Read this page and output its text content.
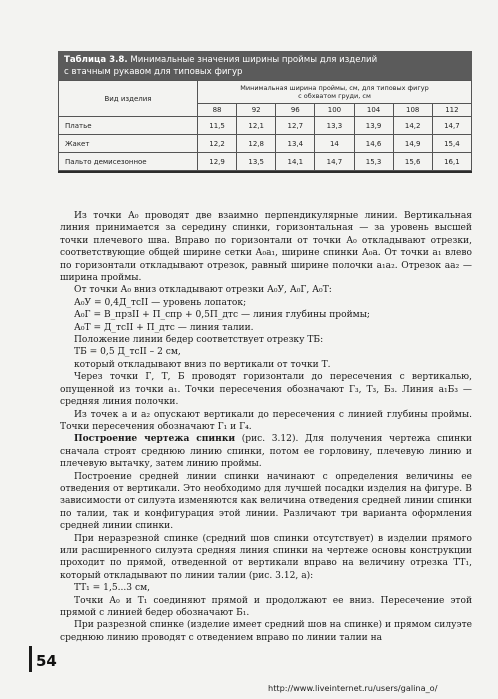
Таблица 3.8. Минимальные значения ширины проймы для изделий
с втачным рукавом для типовых фигур
Вид изделия	Минимальная ширина проймы, см, для типовых фигур
с обхватом груди, см						

	88	92	96	100	104	108	112
Платье	11,5	12,1	12,7	13,3	13,9	14,2	14,7
Жакет	12,2	12,8	13,4	14	14,6	14,9	15,4
Пальто демисезонное	12,9	13,5	14,1	14,7	15,3	15,6	16,1

Из точки А₀ проводят две взаимно перпендикулярные линии. Вертикальная линия принимается за середину спинки, горизонтальная — за уровень высшей точки плечевого шва. Вправо по горизонтали от точки А₀ откладывают отрезки, соответствующие общей ширине сетки А₀а₁, ширине спинки А₀а. От точки а₁ влево по горизонтали откладывают отрезок, равный ширине полочки а₁а₂. Отрезок аа₂ — ширина проймы.

От точки А₀ вниз откладывают отрезки А₀У, А₀Г, А₀Т:

А₀У = 0,4Д_тсII — уровень лопаток;

А₀Г = В_прзII + П_спр + 0,5П_дтс — линия глубины проймы;

А₀Т = Д_тсII + П_дтс — линия талии.

Положение линии бедер соответствует отрезку ТБ:

ТБ = 0,5 Д_тсII – 2 см,

который откладывают вниз по вертикали от точки Т.

Через точки Г, Т, Б проводят горизонтали до пересечения с вертикалью, опущенной из точки а₁. Точки пересечения обозначают Г₃, Т₃, Б₃. Линия а₁Б₃ — средняя линия полочки.

Из точек а и а₂ опускают вертикали до пересечения с линией глубины проймы. Точки пересечения обозначают Г₁ и Г₄.

Построение чертежа спинки (рис. 3.12). Для получения чертежа спинки сначала строят среднюю линию спинки, потом ее горловину, плечевую линию и плечевую вытачку, затем линию проймы.

Построение средней линии спинки начинают с определения величины ее отведения от вертикали. Это необходимо для лучшей посадки изделия на фигуре. В зависимости от силуэта изменяются как величина отведения средней линии спинки по талии, так и конфигурация этой линии. Различают три варианта оформления средней линии спинки.

При неразрезной спинке (средний шов спинки отсутствует) в изделии прямого или расширенного силуэта средняя линия спинки на чертеже основы конструкции проходит по прямой, отведенной от вертикали вправо на величину отрезка ТТ₁, который откладывают по линии талии (рис. 3.12, а):

ТТ₁ = 1,5...3 см,

Точки А₀ и Т₁ соединяют прямой и продолжают ее вниз. Пересечение этой прямой с линией бедер обозначают Б₁.

При разрезной спинке (изделие имеет средний шов на спинке) и прямом силуэте среднюю линию проводят с отведением вправо по линии талии на

54
http://www.liveinternet.ru/users/galina_o/
